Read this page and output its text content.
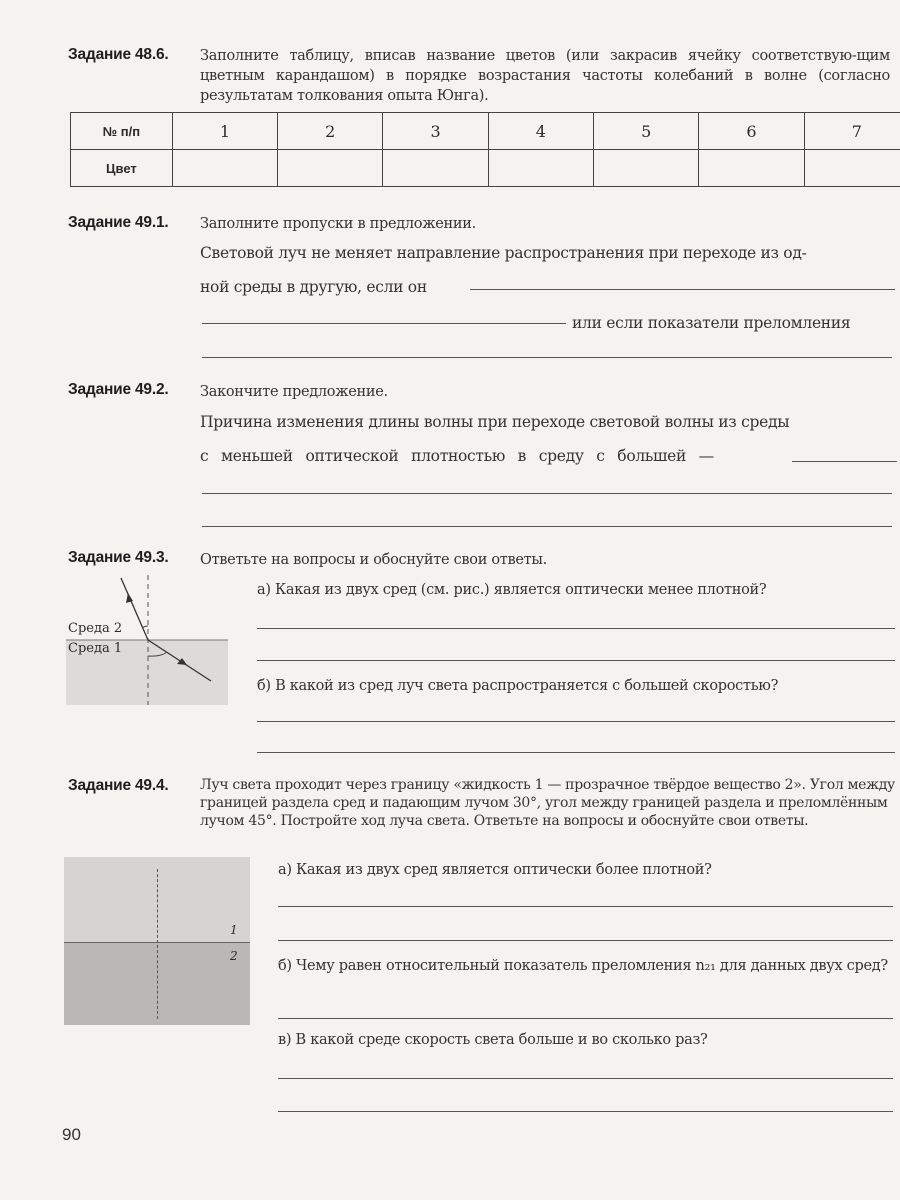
Задание 48.6. Заполните таблицу, вписав название цветов (или закрасив ячейку соответствую-щим цветным карандашом) в порядке возрастания частоты колебаний в волне (согласно результатам толкования опыта Юнга).
№ п/п	1	2	3	4	5	6	7
Цвет							
Задание 49.1. Заполните пропуски в предложении.
Световой луч не меняет направление распространения при переходе из од-
ной среды в другую, если он
или если показатели преломления
Задание 49.2. Закончите предложение.
Причина изменения длины волны при переходе световой волны из среды
с меньшей оптической плотностью в среду с большей —
Задание 49.3. Ответьте на вопросы и обоснуйте свои ответы.
а) Какая из двух сред (см. рис.) является оптически менее плотной?
б) В какой из сред луч света распространяется с большей скоростью?
Среда 2
Среда 1
Задание 49.4. Луч света проходит через границу «жидкость 1 — прозрачное твёрдое вещество 2». Угол между границей раздела сред и падающим лучом 30°, угол между границей раздела и преломлённым лучом 45°. Постройте ход луча света. Ответьте на вопросы и обоснуйте свои ответы.
1
2
а) Какая из двух сред является оптически более плотной?
б) Чему равен относительный показатель преломления n₂₁ для данных двух сред?
в) В какой среде скорость света больше и во сколько раз?
90
